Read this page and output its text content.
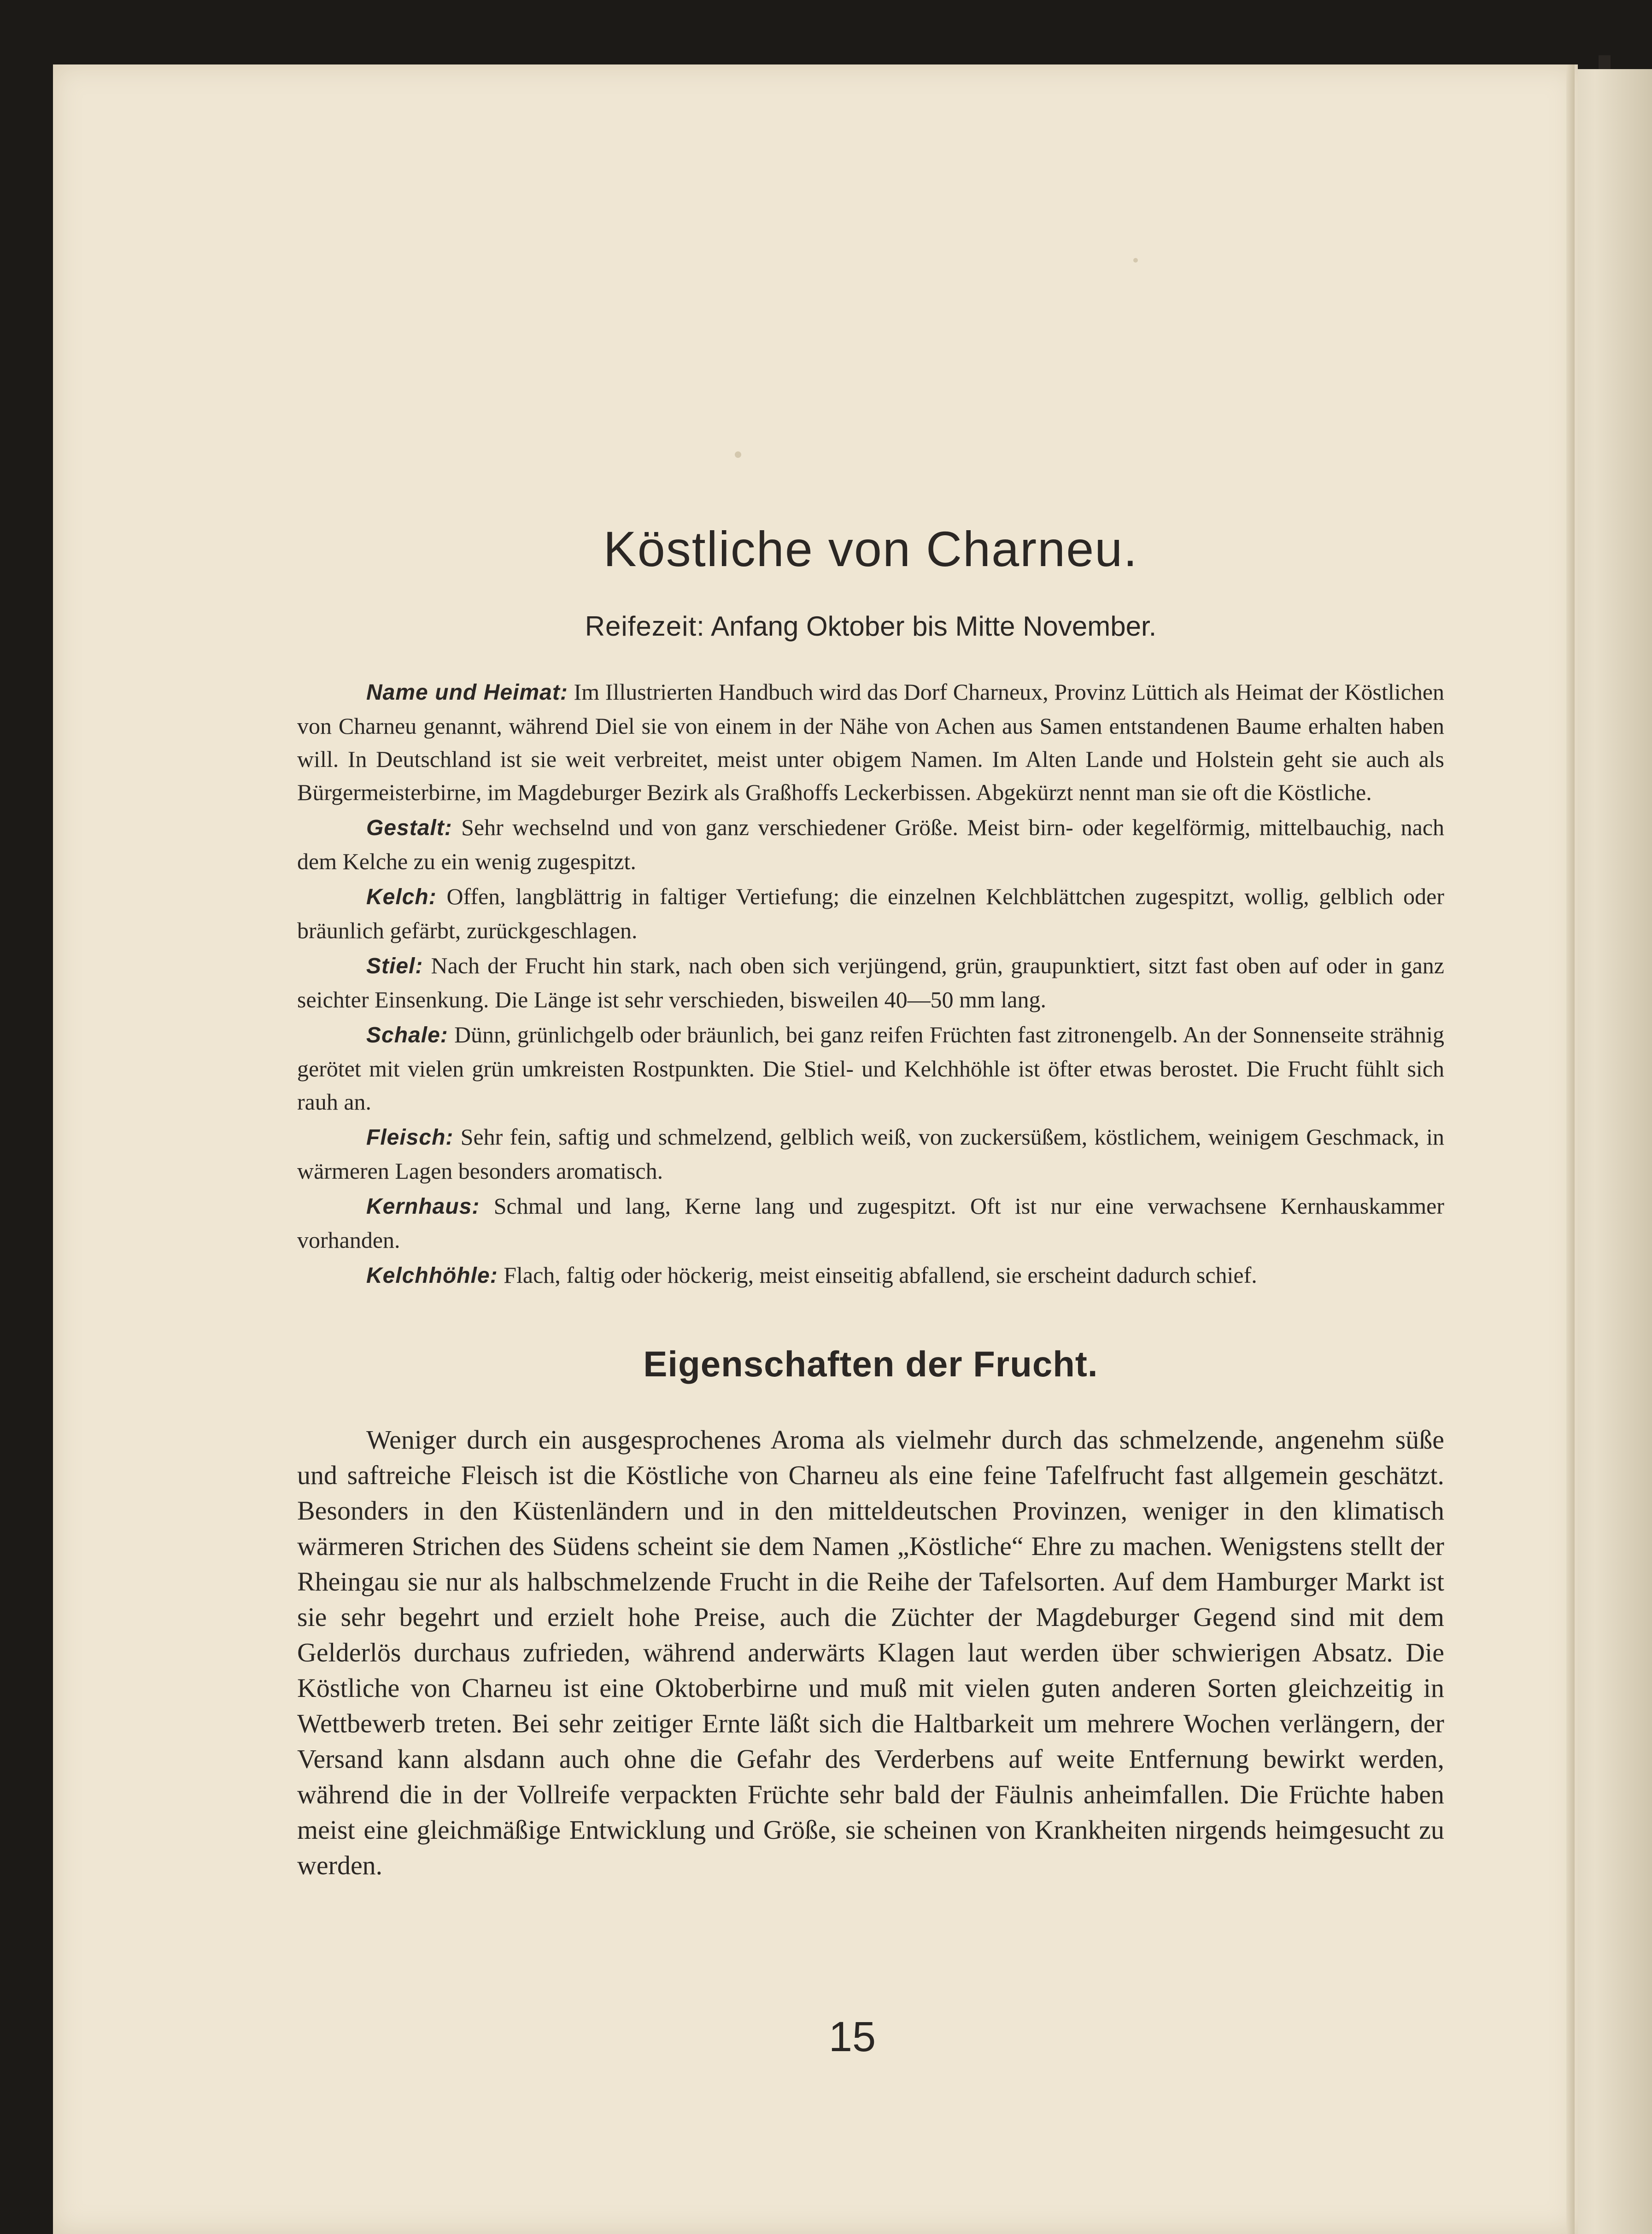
Köstliche von Charneu.
Reifezeit: Anfang Oktober bis Mitte November.

Name und Heimat: Im Illustrierten Handbuch wird das Dorf Charneux, Provinz Lüttich als Heimat der Köstlichen von Charneu genannt, während Diel sie von einem in der Nähe von Achen aus Samen entstandenen Baume erhalten haben will. In Deutschland ist sie weit verbreitet, meist unter obigem Namen. Im Alten Lande und Holstein geht sie auch als Bürgermeisterbirne, im Magdeburger Bezirk als Graßhoffs Leckerbissen. Abgekürzt nennt man sie oft die Köstliche.

Gestalt: Sehr wechselnd und von ganz verschiedener Größe. Meist birn- oder kegelförmig, mittelbauchig, nach dem Kelche zu ein wenig zugespitzt.

Kelch: Offen, langblättrig in faltiger Vertiefung; die einzelnen Kelchblättchen zugespitzt, wollig, gelblich oder bräunlich gefärbt, zurückgeschlagen.

Stiel: Nach der Frucht hin stark, nach oben sich verjüngend, grün, graupunktiert, sitzt fast oben auf oder in ganz seichter Einsenkung. Die Länge ist sehr verschieden, bisweilen 40—50 mm lang.

Schale: Dünn, grünlichgelb oder bräunlich, bei ganz reifen Früchten fast zitronengelb. An der Sonnenseite strähnig gerötet mit vielen grün umkreisten Rostpunkten. Die Stiel- und Kelchhöhle ist öfter etwas berostet. Die Frucht fühlt sich rauh an.

Fleisch: Sehr fein, saftig und schmelzend, gelblich weiß, von zuckersüßem, köstlichem, weinigem Geschmack, in wärmeren Lagen besonders aromatisch.

Kernhaus: Schmal und lang, Kerne lang und zugespitzt. Oft ist nur eine verwachsene Kernhauskammer vorhanden.

Kelchhöhle: Flach, faltig oder höckerig, meist einseitig abfallend, sie erscheint dadurch schief.

Eigenschaften der Frucht.

Weniger durch ein ausgesprochenes Aroma als vielmehr durch das schmelzende, angenehm süße und saftreiche Fleisch ist die Köstliche von Charneu als eine feine Tafelfrucht fast allgemein geschätzt. Besonders in den Küstenländern und in den mitteldeutschen Provinzen, weniger in den klimatisch wärmeren Strichen des Südens scheint sie dem Namen „Köstliche“ Ehre zu machen. Wenigstens stellt der Rheingau sie nur als halbschmelzende Frucht in die Reihe der Tafelsorten. Auf dem Hamburger Markt ist sie sehr begehrt und erzielt hohe Preise, auch die Züchter der Magdeburger Gegend sind mit dem Gelderlös durchaus zufrieden, während anderwärts Klagen laut werden über schwierigen Absatz. Die Köstliche von Charneu ist eine Oktoberbirne und muß mit vielen guten anderen Sorten gleichzeitig in Wettbewerb treten. Bei sehr zeitiger Ernte läßt sich die Haltbarkeit um mehrere Wochen verlängern, der Versand kann alsdann auch ohne die Gefahr des Verderbens auf weite Entfernung bewirkt werden, während die in der Vollreife verpackten Früchte sehr bald der Fäulnis anheimfallen. Die Früchte haben meist eine gleichmäßige Entwicklung und Größe, sie scheinen von Krankheiten nirgends heimgesucht zu werden.

15
